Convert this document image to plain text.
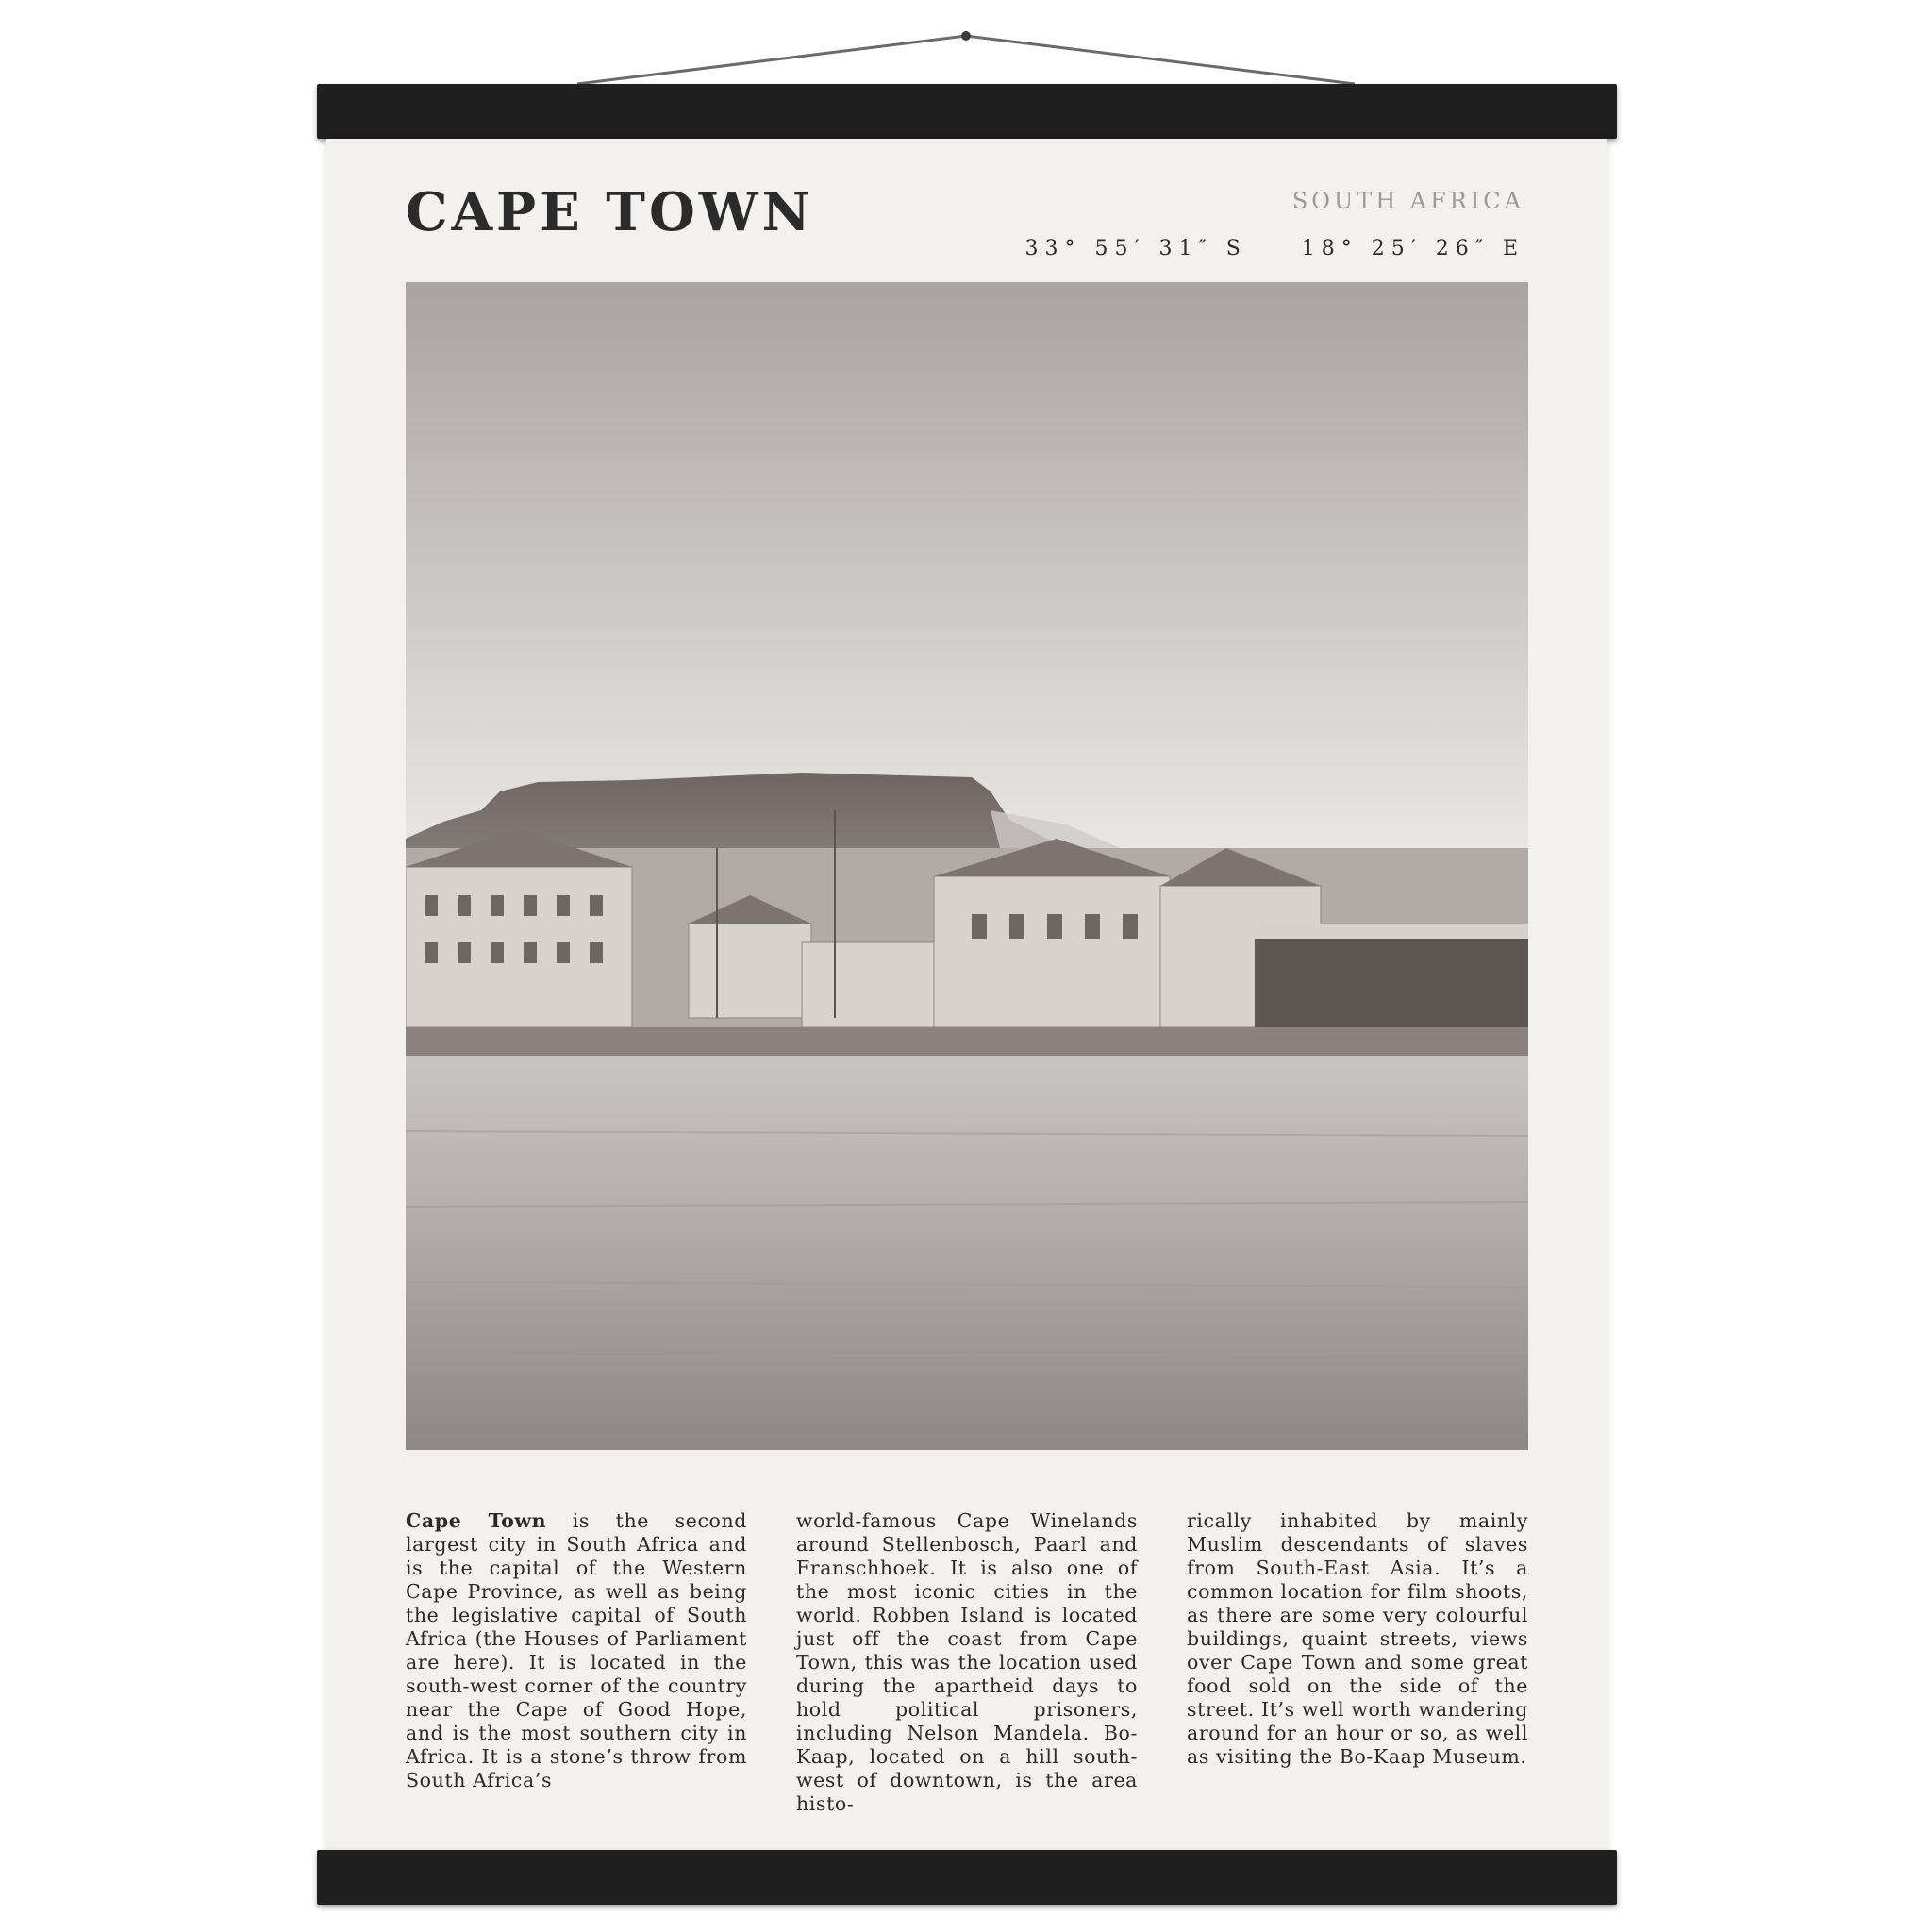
CAPE TOWN	SOUTH AFRICA
33° 55′ 31″ S	18° 25′ 26″ E

Cape Town is the second largest city in South Africa and is the capital of the Western Cape Province, as well as being the legislative capital of South Africa (the Houses of Parliament are here). It is located in the south-west corner of the country near the Cape of Good Hope, and is the most southern city in Africa. It is a stone’s throw from South Africa’s

world-famous Cape Winelands around Stellenbosch, Paarl and Franschhoek. It is also one of the most iconic cities in the world. Robben Island is located just off the coast from Cape Town, this was the location used during the apartheid days to hold political prisoners, including Nelson Mandela. Bo-Kaap, located on a hill south-west of downtown, is the area histo-

rically inhabited by mainly Muslim descendants of slaves from South-East Asia. It’s a common location for film shoots, as there are some very colourful buildings, quaint streets, views over Cape Town and some great food sold on the side of the street. It’s well worth wandering around for an hour or so, as well as visiting the Bo-Kaap Museum.
